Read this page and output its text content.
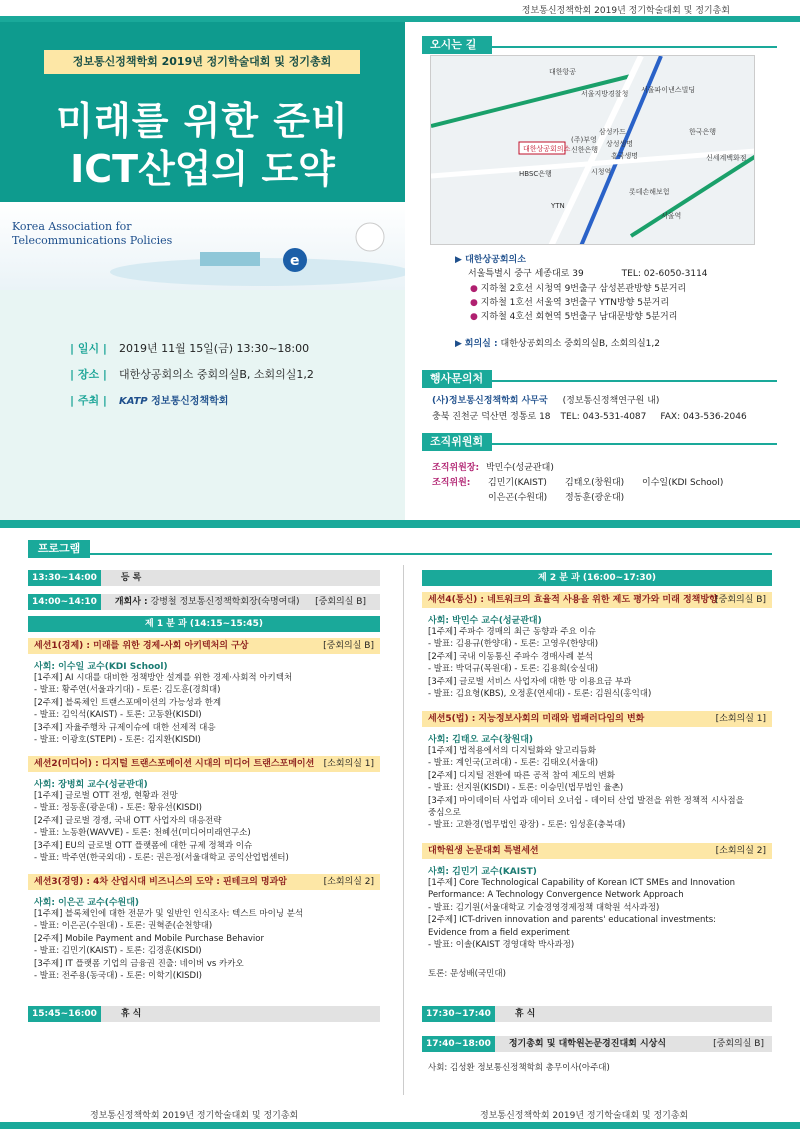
정보통신정책학회 2019년 정기학술대회 및 정기총회
정보통신정책학회 2019년 정기학술대회 및 정기총회
미래를 위한 준비
ICT산업의 도약
e
Korea Association for
Telecommunications Policies
| 일시 | 2019년 11월 15일(금) 13:30~18:00
| 장소 | 대한상공회의소 중회의실B, 소회의실1,2
| 주최 | KATP 정보통신정책학회
오시는 길
대한항공
서울파이낸스빌딩
서울지방경찰청
한국은행
삼성카드
(주)부영
신한은행
상성생명
흥국생명	신세계백화점
HBSC은행	시청역
대한상공회의소
롯데손해보험
YTN
서울역
▶ 대한상공회의소
서울특별시 중구 세종대로 39	TEL: 02-6050-3114
● 지하철 2호선 시청역 9번출구 삼성본관방향 5분거리
● 지하철 1호선 서울역 3번출구 YTN방향 5분거리
● 지하철 4호선 회현역 5번출구 남대문방향 5분거리
▶ 회의실 : 대한상공회의소 중회의실B, 소회의실1,2
행사문의처
(사)정보통신정책학회 사무국 (정보통신정책연구원 내)
충북 진천군 덕산면 정통로 18 TEL: 043-531-4087 FAX: 043-536-2046
조직위원회
조직위원장: 박민수(성균관대)
조직위원: 김민기(KAIST) 김태오(창원대) 이수일(KDI School)
이은곤(수원대) 정동훈(광운대)
프로그램
13:30~14:00	등 록
14:00~14:10 개회사 : 강병철 정보통신정책학회장(숙명여대) [중회의실 B]
제 1 분 과 (14:15~15:45)
세션1(경제) : 미래를 위한 경제-사회 아키텍처의 구상	[중회의실 B]
사회: 이수일 교수(KDI School)
[1주제] AI 시대를 대비한 정책방안 설계를 위한 경제·사회적 아키텍처
- 발표: 황주연(서울과기대) - 토론: 김도훈(경희대)
[2주제] 블록체인 트랜스포메이션의 가능성과 한계
- 발표: 김익석(KAIST) - 토론: 고동환(KISDI)
[3주제] 자율주행차 규제이슈에 대한 선제적 대응
- 발표: 이광호(STEPI) - 토론: 김지환(KISDI)
세션2(미디어) : 디지털 트랜스포메이션 시대의 미디어 트랜스포메이션 [소회의실 1]
사회: 장병희 교수(성균관대)
[1주제] 글로벌 OTT 전쟁, 현황과 전망
- 발표: 정동훈(광운대) - 토론: 황유선(KISDI)
[2주제] 글로벌 경쟁, 국내 OTT 사업자의 대응전략
- 발표: 노동환(WAVVE) - 토론: 천혜선(미디어미래연구소)
[3주제] EU의 글로벌 OTT 플랫폼에 대한 규제 정책과 이슈
- 발표: 박주연(한국외대) - 토론: 권은정(서울대학교 공익산업법센터)
세션3(경영) : 4차 산업시대 비즈니스의 도약 : 핀테크의 명과암	[소회의실 2]
사회: 이은곤 교수(수원대)
[1주제] 블록체인에 대한 전문가 및 일반인 인식조사: 텍스트 마이닝 분석
- 발표: 이은곤(수원대) - 토론: 권혁준(순천향대)
[2주제] Mobile Payment and Mobile Purchase Behavior
- 발표: 김민기(KAIST) - 토론: 김경훈(KISDI)
[3주제] IT 플랫폼 기업의 금융권 진출: 네이버 vs 카카오
- 발표: 전주용(동국대) - 토론: 이학기(KISDI)
15:45~16:00	휴 식
제 2 분 과 (16:00~17:30)
세션4(통신) : 네트워크의 효율적 사용을 위한 제도 평가와 미래 정책방향
[중회의실 B]
사회: 박민수 교수(성균관대)
[1주제] 주파수 경매의 최근 동향과 주요 이슈
- 발표: 김용규(한양대) - 토론: 고영우(한양대)
[2주제] 국내 이동통신 주파수 경매사례 분석
- 발표: 박덕규(목원대) - 토론: 김용희(숭실대)
[3주제] 글로벌 서비스 사업자에 대한 망 이용요금 부과
- 발표: 김요형(KBS), 오정훈(연세대) - 토론: 김원식(홍익대)
세션5(법) : 지능정보사회의 미래와 법패러다임의 변화	[소회의실 1]
사회: 김태오 교수(창원대)
[1주제] 법적용에서의 디지털화와 알고리듬화
- 발표: 계인국(고려대) - 토론: 김태오(서울대)
[2주제] 디지털 전환에 따른 공적 참여 제도의 변화
- 발표: 선지원(KISDI) - 토론: 이승민(법무법인 율촌)
[3주제] 마이데이터 사업과 데이터 오너쉽 - 데이터 산업 발전을 위한 정책적 시사점을
중심으로
- 발표: 고환경(법무법인 광장) - 토론: 임성훈(충북대)
대학원생 논문대회 특별세션	[소회의실 2]
사회: 김민기 교수(KAIST)
[1주제] Core Technological Capability of Korean ICT SMEs and Innovation
Performance: A Technology Convergence Network Approach
- 발표: 김기원(서울대학교 기술경영경제정책 대학원 석사과정)
[2주제] ICT-driven innovation and parents' educational investments:
Evidence from a field experiment
- 발표: 이솔(KAIST 경영대학 박사과정)
토론: 문성배(국민대)
17:30~17:40	휴 식
17:40~18:00 정기총회 및 대학원논문경진대회 시상식	[중회의실 B]
사회: 김성환 정보통신정책학회 총무이사(아주대)
정보통신정책학회 2019년 정기학술대회 및 정기총회	정보통신정책학회 2019년 정기학술대회 및 정기총회
